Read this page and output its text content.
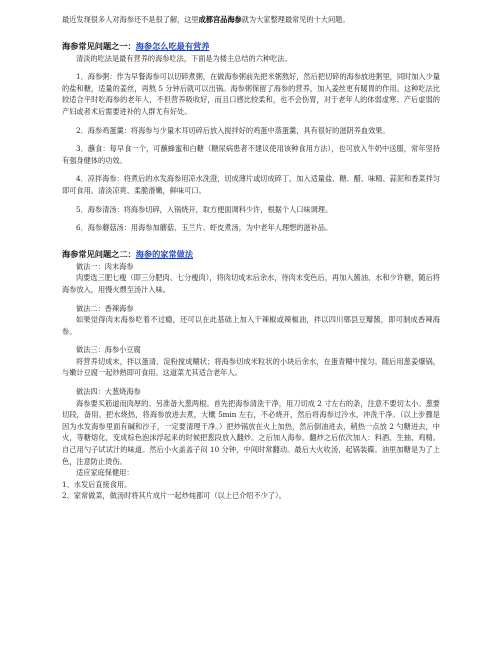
最近发现很多人对海参还不是很了解，这里成都宫品海参就为大家整理最常见的十大问题。

海参常见问题之一：海参怎么吃最有营养

清淡的吃法是最有营养的海参吃法，下面是为楼主总结的六种吃法。

1．海参粥：作为早餐海参可以切碎煮粥，在做海参粥前先把米粥熬好，然后把切碎的海参放进粥里，同时加入少量的盐和糖，适量的姜丝，再熬 5 分钟后就可以出锅。海参粥保留了海参的营养，加入姜丝更有暖胃的作用。这种吃法比较适合平时吃海参的老年人，不但营养吸收好，而且口感比较柔和，也不会伤胃，对于老年人的体弱虚寒、产后虚弱的产妇或者术后需要进补的人群尤有好处。

2．海参鸡蛋羹：将海参与少量木耳切碎后放入搅拌好的鸡蛋中蒸蛋羹，具有很好的滋阴养血效果。

3．蘸食：每早食一个，可蘸蜂蜜和白糖（糖尿病患者不建议使用该种食用方法），也可放入牛奶中送服，常年坚持有强身健体的功效。

4．凉拌海参：将煮后的水发海参用凉水洗澄，切成薄片或切成碎丁，加入适量盐、糖、醋、味精、蒜泥和香菜拌匀即可食用。清淡凉爽、柔脆滑嫩，鲜味可口。

5．海参清汤：将海参切碎，入锅烧开，取方便面调料少许，根据个人口味调理。

6．海参蘑菇汤：用海参加蘑菇、玉兰片、虾皮煮汤，为中老年人理想的滋补品。

海参常见问题之二：海参的家常做法

做法一：肉末海参

肉要选三肥七瘦（即三分肥肉、七分瘦肉），将肉切成末后余水，待肉末变色后，再加入酱油、水和少许糖，随后将海参放入，用慢火煨至汤汁入味。

做法二：香辣海参

如果觉得肉末海参吃着不过瘾，还可以在此基础上加入干辣椒或辣椒油，拌以四川郫县豆瓣酱，即可制成香辣海参。

做法三：海参小豆腐

将营养切成末，拌以蛋清、淀粉搅成糊状；将海参切成米粒状的小块后余水，在蛋青糊中搅匀。随后用葱姜爆锅，与嫩计豆腐一起炒熟即可食用。这道菜尤其适合老年人。

做法四：大葱烧海参

海参要买筋道而肉厚的。另准备大葱两根。首先把海参清洗干净，用刀切成 2 寸左右的条，注意不要切太小。葱要切段，备用。把水烧热，将海参放进去煮，大概 5min 左右，不必烧开，然后将海参过冷水，冲洗干净。（以上步骤是因为水发海参里面有碱和沙子，一定要清理干净。）把炒锅放在火上加热，然后倒油进去，稍热一点放 2 勺糖进去，中火，等糖熔化，变成棕色泡沫浮起来的时候把葱段放入翻炒。之后加入海参。翻炒之后依次加入：料酒、生抽、鸡精。自己用勺子试试汁的味道。然后小火盖盖子闷 10 分钟，中间时常翻动。最后大火收汤，起锅装碟。油里加糖是为了上色，注意防止烫伤。

适应家庭保健用：

1、水发后直接食用。

2、家常做菜，做汤时将其片成片一起炒炖都可（以上已介绍不少了）。
